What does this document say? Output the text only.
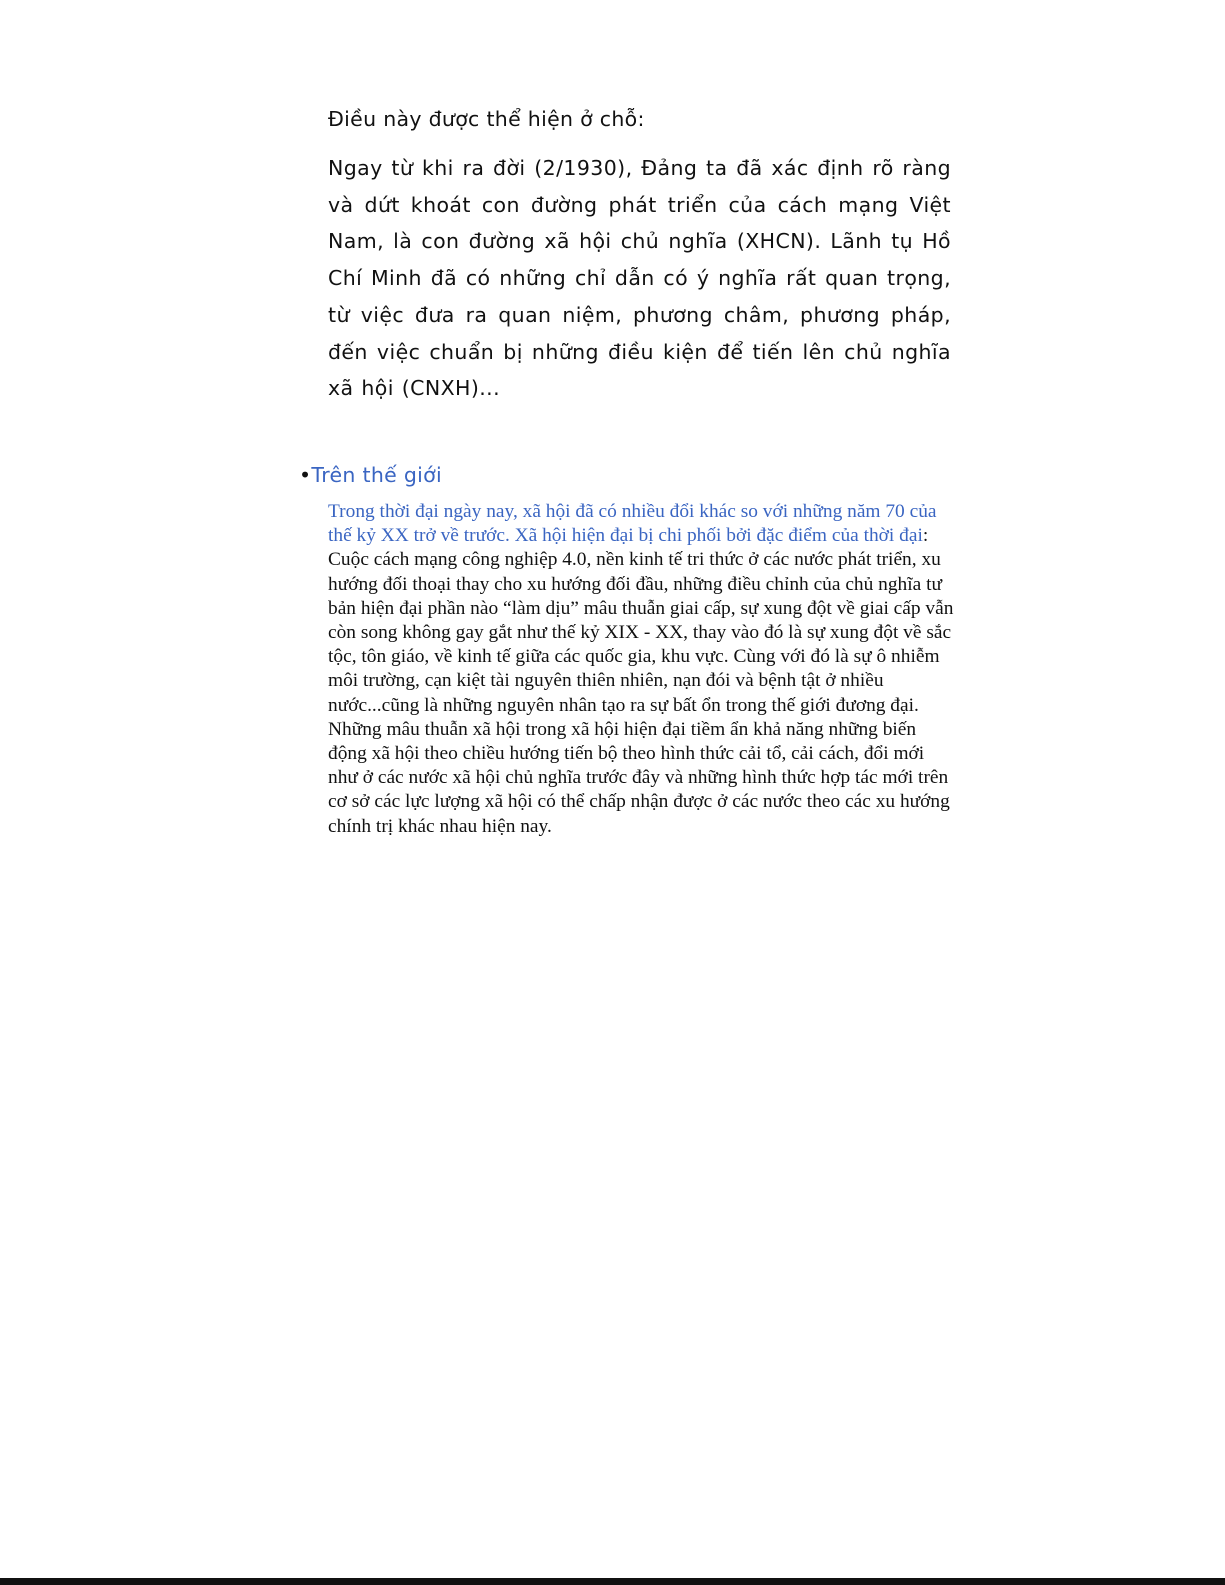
Điều này được thể hiện ở chỗ:

Ngay từ khi ra đời (2/1930), Đảng ta đã xác định rõ ràng và dứt khoát con đường phát triển của cách mạng Việt Nam, là con đường xã hội chủ nghĩa (XHCN). Lãnh tụ Hồ Chí Minh đã có những chỉ dẫn có ý nghĩa rất quan trọng, từ việc đưa ra quan niệm, phương châm, phương pháp, đến việc chuẩn bị những điều kiện để tiến lên chủ nghĩa xã hội (CNXH)...

•Trên thế giới

Trong thời đại ngày nay, xã hội đã có nhiều đổi khác so với những năm 70 của thế kỷ XX trở về trước. Xã hội hiện đại bị chi phối bởi đặc điểm của thời đại: Cuộc cách mạng công nghiệp 4.0, nền kinh tế tri thức ở các nước phát triển, xu hướng đối thoại thay cho xu hướng đối đầu, những điều chỉnh của chủ nghĩa tư bản hiện đại phần nào “làm dịu” mâu thuẫn giai cấp, sự xung đột về giai cấp vẫn còn song không gay gắt như thế kỷ XIX - XX, thay vào đó là sự xung đột về sắc tộc, tôn giáo, về kinh tế giữa các quốc gia, khu vực. Cùng với đó là sự ô nhiễm môi trường, cạn kiệt tài nguyên thiên nhiên, nạn đói và bệnh tật ở nhiều nước...cũng là những nguyên nhân tạo ra sự bất ổn trong thế giới đương đại. Những mâu thuẫn xã hội trong xã hội hiện đại tiềm ẩn khả năng những biến động xã hội theo chiều hướng tiến bộ theo hình thức cải tổ, cải cách, đổi mới như ở các nước xã hội chủ nghĩa trước đây và những hình thức hợp tác mới trên cơ sở các lực lượng xã hội có thể chấp nhận được ở các nước theo các xu hướng chính trị khác nhau hiện nay.
